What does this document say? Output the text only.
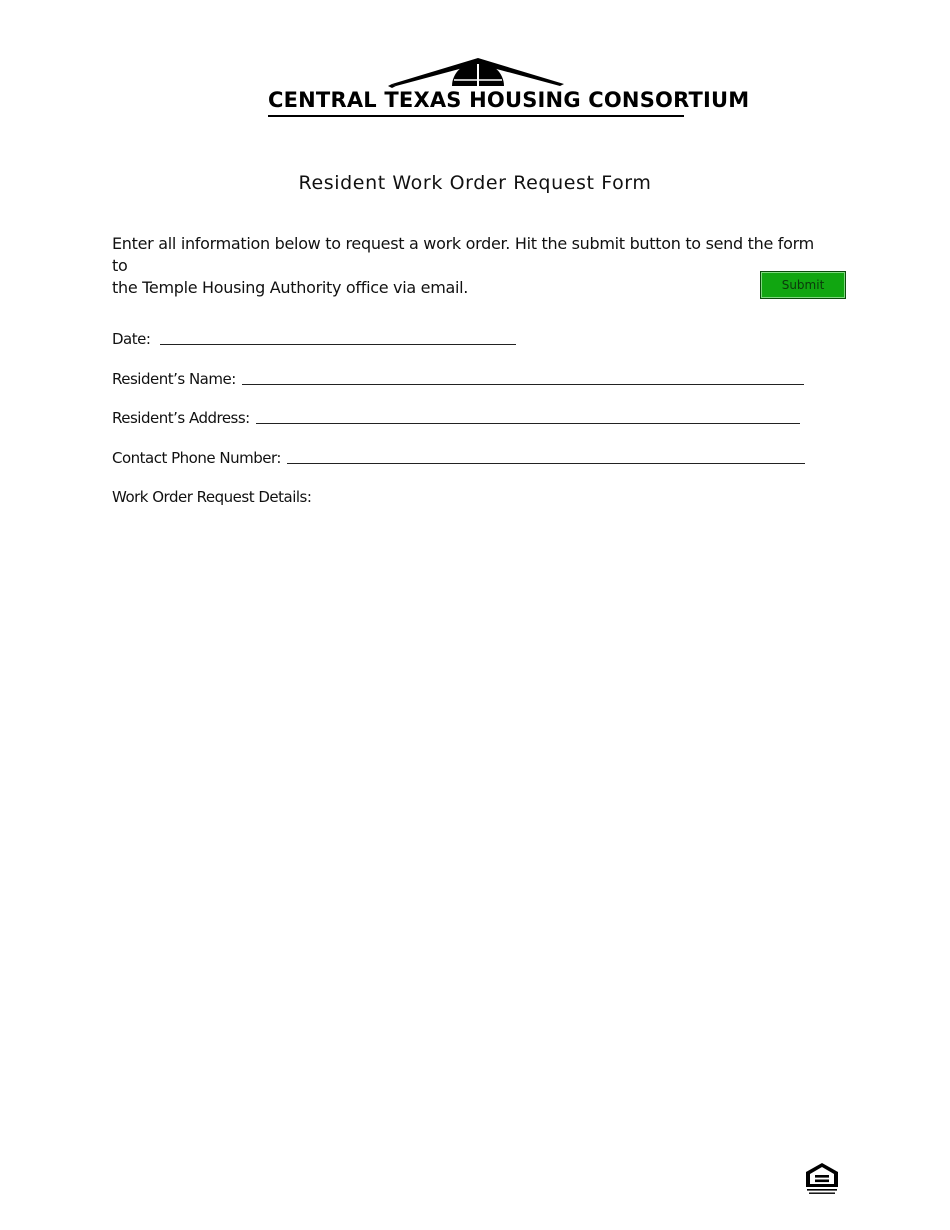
CENTRAL TEXAS HOUSING CONSORTIUM
Resident Work Order Request Form
Enter all information below to request a work order. Hit the submit button to send the form to
the Temple Housing Authority office via email.	Submit
Date:
Resident’s Name:
Resident’s Address:
Contact Phone Number:
Work Order Request Details:
